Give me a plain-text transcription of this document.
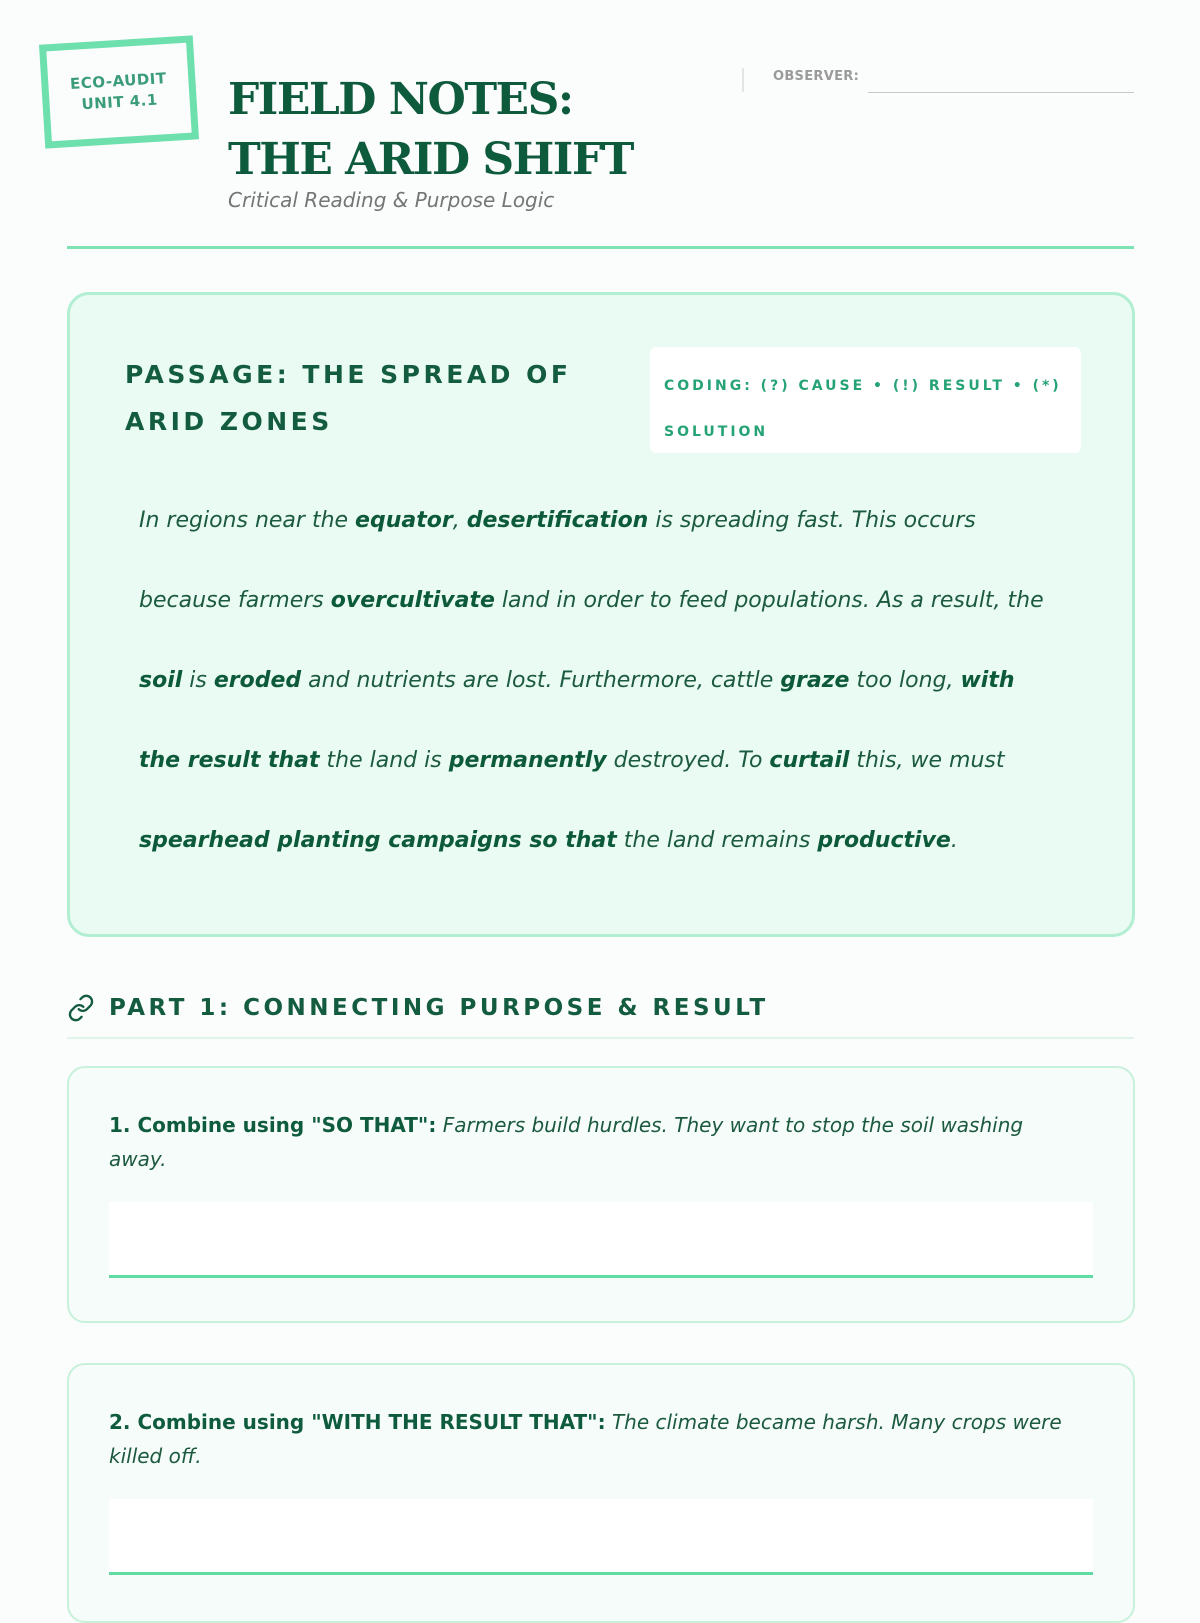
ECO-AUDIT
UNIT 4.1 FIELD NOTES: THE ARID SHIFT
Critical Reading & Purpose Logic
OBSERVER:
PASSAGE: THE SPREAD OF ARID ZONES
CODING: (?) CAUSE • (!) RESULT • (*) SOLUTION
In regions near the equator, desertification is spreading fast. This occurs because farmers overcultivate land in order to feed populations. As a result, the soil is eroded and nutrients are lost. Furthermore, cattle graze too long, with the result that the land is permanently destroyed. To curtail this, we must spearhead planting campaigns so that the land remains productive.
PART 1: CONNECTING PURPOSE & RESULT
1. Combine using "SO THAT": Farmers build hurdles. They want to stop the soil washing away.
2. Combine using "WITH THE RESULT THAT": The climate became harsh. Many crops were killed off.
